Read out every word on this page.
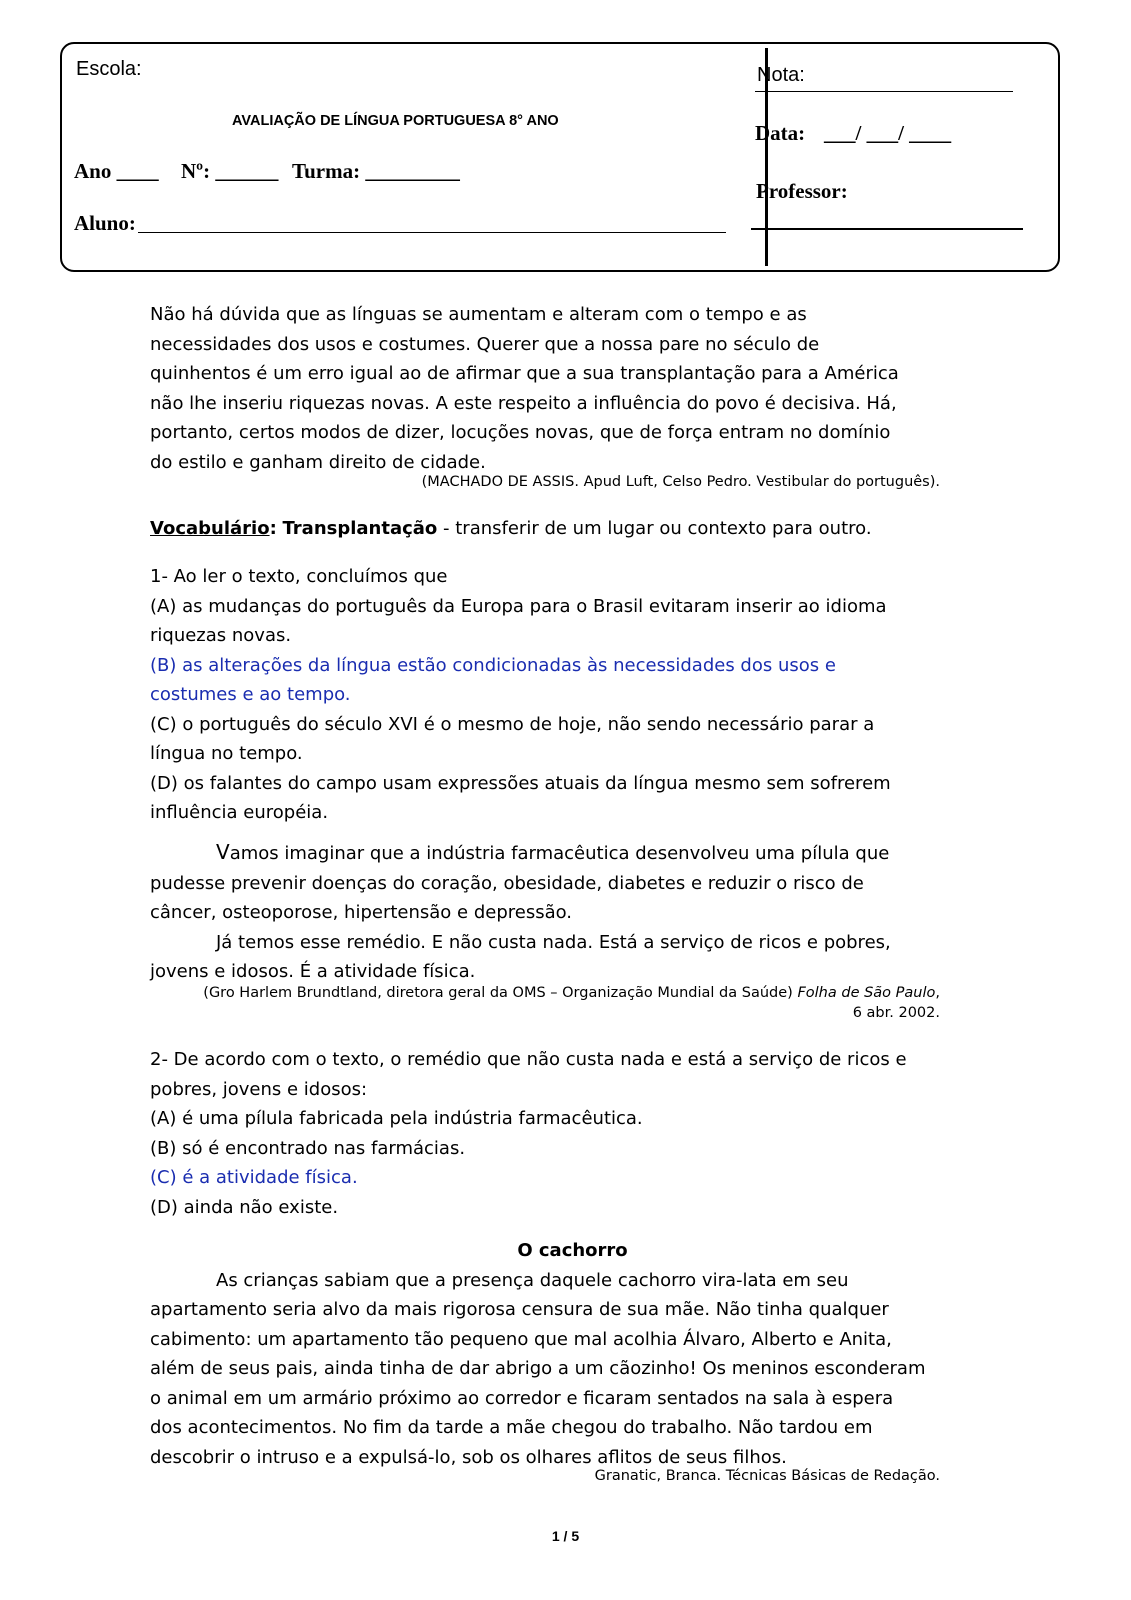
Escola:
AVALIAÇÃO DE LÍNGUA PORTUGUESA 8° ANO
Ano ____ Nº: ______ Turma: _________
Aluno:
Nota:
Data: ___/ ___/ ____
Professor:
Não há dúvida que as línguas se aumentam e alteram com o tempo e as
necessidades dos usos e costumes. Querer que a nossa pare no século de
quinhentos é um erro igual ao de afirmar que a sua transplantação para a América
não lhe inseriu riquezas novas. A este respeito a influência do povo é decisiva. Há,
portanto, certos modos de dizer, locuções novas, que de força entram no domínio
do estilo e ganham direito de cidade.
(MACHADO DE ASSIS. Apud Luft, Celso Pedro. Vestibular do português).
Vocabulário: Transplantação - transferir de um lugar ou contexto para outro.
1- Ao ler o texto, concluímos que
(A) as mudanças do português da Europa para o Brasil evitaram inserir ao idioma
riquezas novas.
(B) as alterações da língua estão condicionadas às necessidades dos usos e
costumes e ao tempo.
(C) o português do século XVI é o mesmo de hoje, não sendo necessário parar a
língua no tempo.
(D) os falantes do campo usam expressões atuais da língua mesmo sem sofrerem
influência européia.
Vamos imaginar que a indústria farmacêutica desenvolveu uma pílula que
pudesse prevenir doenças do coração, obesidade, diabetes e reduzir o risco de
câncer, osteoporose, hipertensão e depressão.
Já temos esse remédio. E não custa nada. Está a serviço de ricos e pobres,
jovens e idosos. É a atividade física.
(Gro Harlem Brundtland, diretora geral da OMS – Organização Mundial da Saúde) Folha de São Paulo,
6 abr. 2002.
2- De acordo com o texto, o remédio que não custa nada e está a serviço de ricos e
pobres, jovens e idosos:
(A) é uma pílula fabricada pela indústria farmacêutica.
(B) só é encontrado nas farmácias.
(C) é a atividade física.
(D) ainda não existe.
O cachorro
As crianças sabiam que a presença daquele cachorro vira-lata em seu
apartamento seria alvo da mais rigorosa censura de sua mãe. Não tinha qualquer
cabimento: um apartamento tão pequeno que mal acolhia Álvaro, Alberto e Anita,
além de seus pais, ainda tinha de dar abrigo a um cãozinho! Os meninos esconderam
o animal em um armário próximo ao corredor e ficaram sentados na sala à espera
dos acontecimentos. No fim da tarde a mãe chegou do trabalho. Não tardou em
descobrir o intruso e a expulsá-lo, sob os olhares aflitos de seus filhos.
Granatic, Branca. Técnicas Básicas de Redação.
1 / 5
